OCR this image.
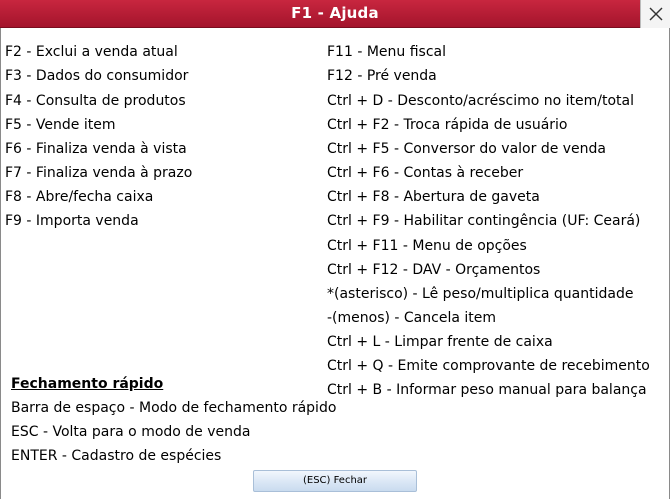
F1 - Ajuda
F2 - Exclui a venda atual
F3 - Dados do consumidor
F4 - Consulta de produtos
F5 - Vende item
F6 - Finaliza venda à vista
F7 - Finaliza venda à prazo
F8 - Abre/fecha caixa
F9 - Importa venda
F11 - Menu fiscal
F12 - Pré venda
Ctrl + D - Desconto/acréscimo no item/total
Ctrl + F2 - Troca rápida de usuário
Ctrl + F5 - Conversor do valor de venda
Ctrl + F6 - Contas à receber
Ctrl + F8 - Abertura de gaveta
Ctrl + F9 - Habilitar contingência (UF: Ceará)
Ctrl + F11 - Menu de opções
Ctrl + F12 - DAV - Orçamentos
*(asterisco) - Lê peso/multiplica quantidade
-(menos) - Cancela item
Ctrl + L - Limpar frente de caixa
Ctrl + Q - Emite comprovante de recebimento
Ctrl + B - Informar peso manual para balança
Fechamento rápido
Barra de espaço - Modo de fechamento rápido
ESC - Volta para o modo de venda
ENTER - Cadastro de espécies
(ESC) Fechar
